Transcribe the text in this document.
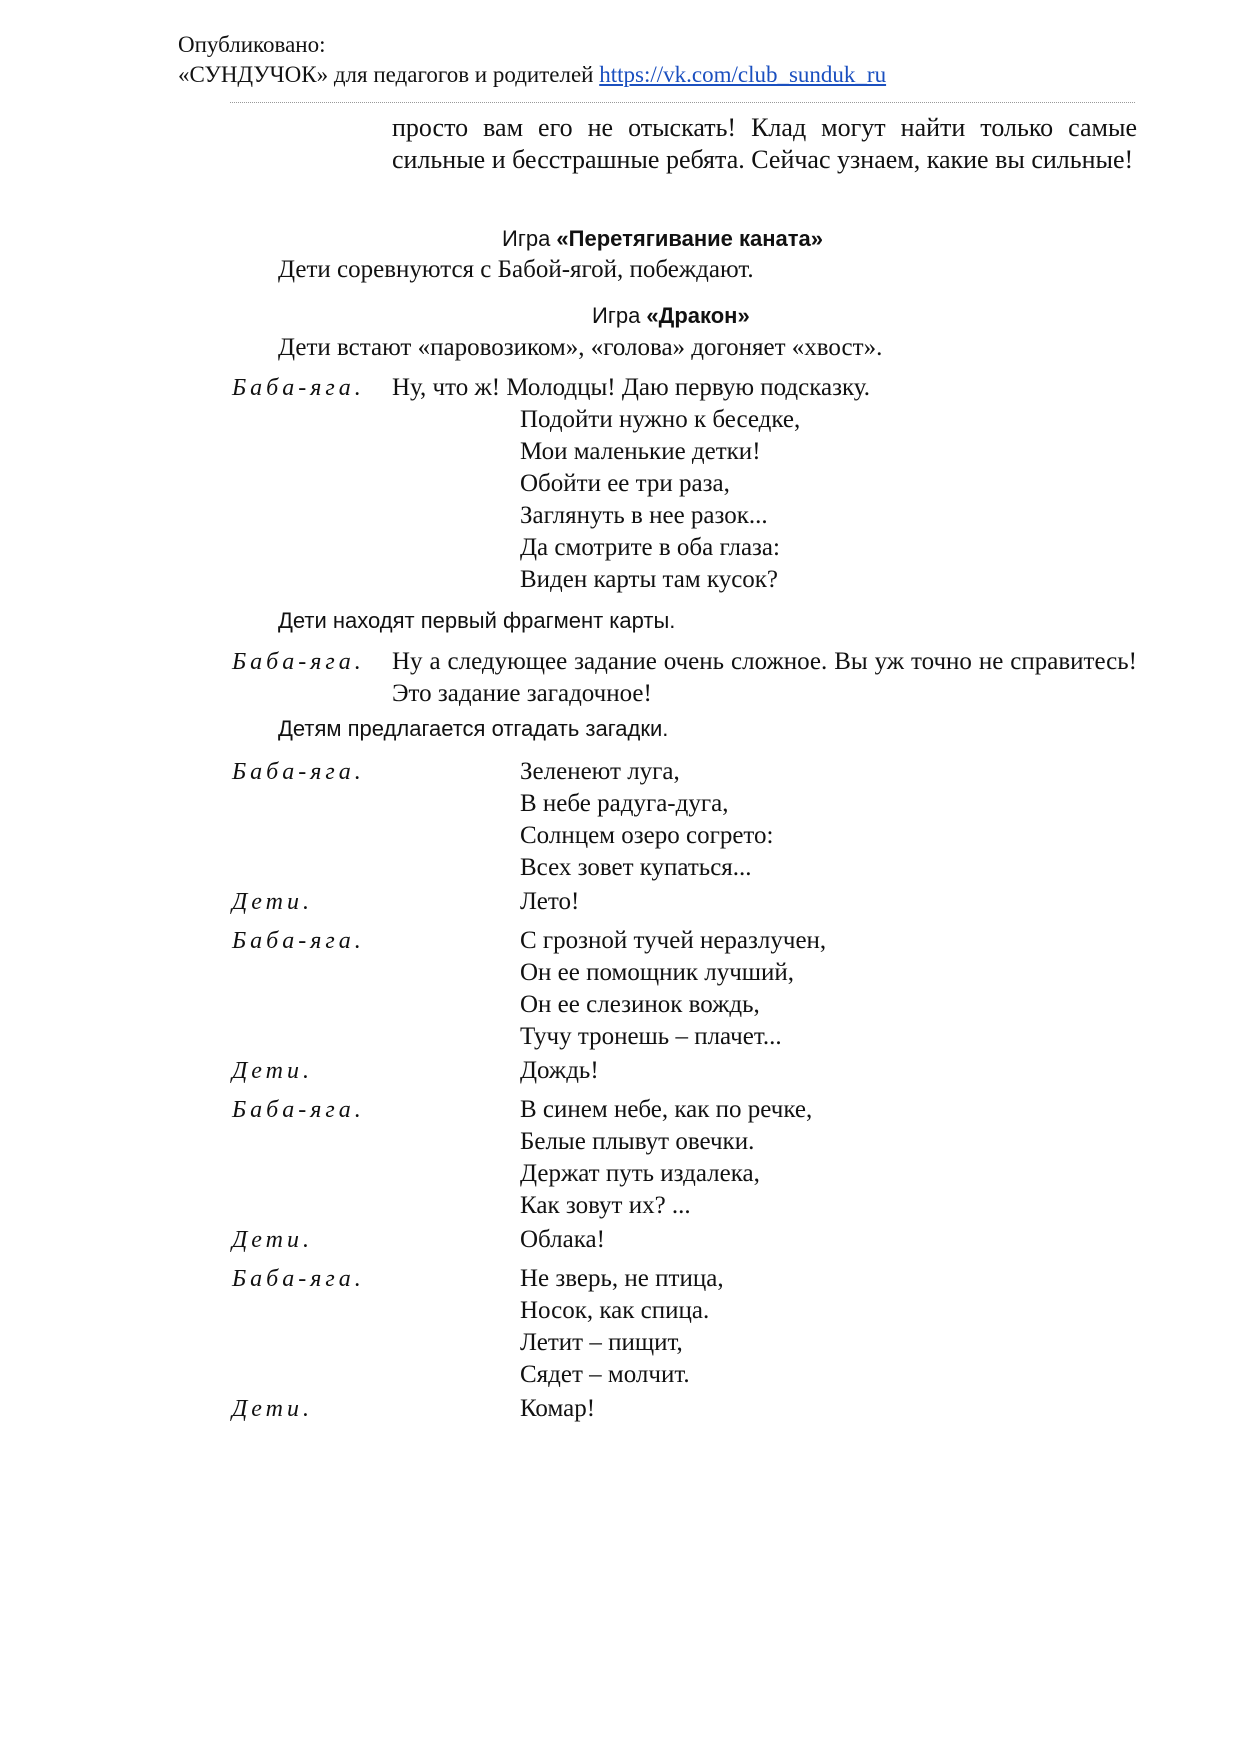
Опубликовано:
«СУНДУЧОК» для педагогов и родителей https://vk.com/club_sunduk_ru
просто вам его не отыскать! Клад могут найти только самые сильные и бесстрашные ребята. Сейчас узнаем, какие вы сильные!
Игра «Перетягивание каната»
Дети соревнуются с Бабой-ягой, побеждают.
Игра «Дракон»
Дети встают «паровозиком», «голова» догоняет «хвост».
Баба-яга. Ну, что ж! Молодцы! Даю первую подсказку.
Подойти нужно к беседке,
Мои маленькие детки!
Обойти ее три раза,
Заглянуть в нее разок...
Да смотрите в оба глаза:
Виден карты там кусок?
Дети находят первый фрагмент карты.
Баба-яга. Ну а следующее задание очень сложное. Вы уж точно не справитесь! Это задание загадочное!
Детям предлагается отгадать загадки.
Баба-яга.	Зеленеют луга,
В небе радуга-дуга,
Солнцем озеро согрето:
Всех зовет купаться...
Дети.	Лето!
Баба-яга.	С грозной тучей неразлучен,
Он ее помощник лучший,
Он ее слезинок вождь,
Тучу тронешь – плачет...
Дети.	Дождь!
Баба-яга.	В синем небе, как по речке,
Белые плывут овечки.
Держат путь издалека,
Как зовут их? ...
Дети.	Облака!
Баба-яга.	Не зверь, не птица,
Носок, как спица.
Летит – пищит,
Сядет – молчит.
Дети.	Комар!
